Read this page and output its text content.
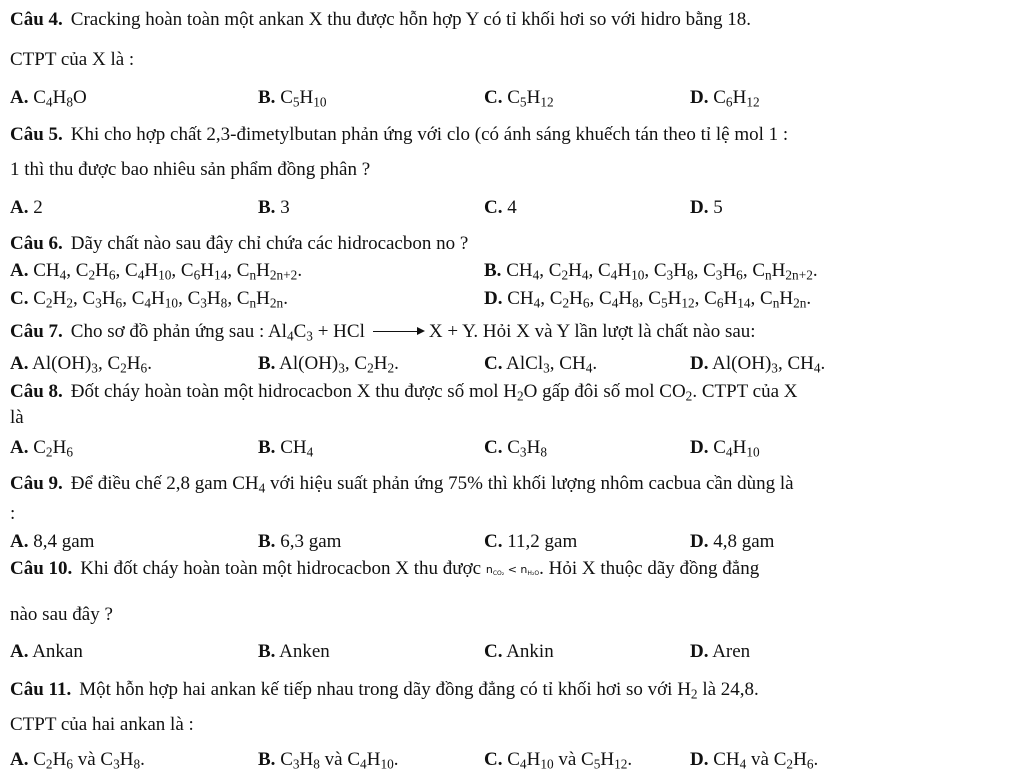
Câu 4. Cracking hoàn toàn một ankan X thu được hỗn hợp Y có tỉ khối hơi so với hidro bằng 18.
CTPT của X là :
A. $C_4H_8O$	B. $C_5H_{10}$	C. $C_5H_{12}$	D. $C_6H_{12}$
Câu 5. Khi cho hợp chất 2,3-đimetylbutan phản ứng với clo (có ánh sáng khuếch tán theo tỉ lệ mol 1 :
1 thì thu được bao nhiêu sản phẩm đồng phân ?
A. 2	B. 3	C. 4	D. 5
Câu 6. Dãy chất nào sau đây chỉ chứa các hidrocacbon no ?
A. $CH_4$, $C_2H_6$, $C_4H_{10}$, $C_6H_{14}$, $C_nH_{2n+2}$.	B. $CH_4$, $C_2H_4$, $C_4H_{10}$, $C_3H_8$, $C_3H_6$, $C_nH_{2n+2}$.
C. $C_2H_2$, $C_3H_6$, $C_4H_{10}$, $C_3H_8$, $C_nH_{2n}$.	D. $CH_4$, $C_2H_6$, $C_4H_8$, $C_5H_{12}$, $C_6H_{14}$, $C_nH_{2n}$.
Câu 7. Cho sơ đồ phản ứng sau : $Al_4C_3$ + HCl → X + Y. Hỏi X và Y lần lượt là chất nào sau:
A. $Al(OH)_3$, $C_2H_6$.	B. $Al(OH)_3$, $C_2H_2$.	C. AlCl$_3$, $CH_4$.	D. $Al(OH)_3$, $CH_4$.
Câu 8. Đốt cháy hoàn toàn một hidrocacbon X thu được số mol $H_2O$ gấp đôi số mol $CO_2$. CTPT của X
là
A. $C_2H_6$	B. $CH_4$	C. $C_3H_8$	D. $C_4H_{10}$
Câu 9. Để điều chế 2,8 gam $CH_4$ với hiệu suất phản ứng 75% thì khối lượng nhôm cacbua cần dùng là
:
A. 8,4 gam	B. 6,3 gam	C. 11,2 gam	D. 4,8 gam
Câu 10. Khi đốt cháy hoàn toàn một hidrocacbon X thu được $n_{CO_2} < n_{H_2O}$. Hỏi X thuộc dãy đồng đẳng
nào sau đây ?
A. Ankan	B. Anken	C. Ankin	D. Aren
Câu 11. Một hỗn hợp hai ankan kế tiếp nhau trong dãy đồng đẳng có tỉ khối hơi so với $H_2$ là 24,8.
CTPT của hai ankan là :
A. $C_2H_6$ và $C_3H_8$.	B. $C_3H_8$ và $C_4H_{10}$.	C. $C_4H_{10}$ và $C_5H_{12}$.	D. $CH_4$ và $C_2H_6$.
